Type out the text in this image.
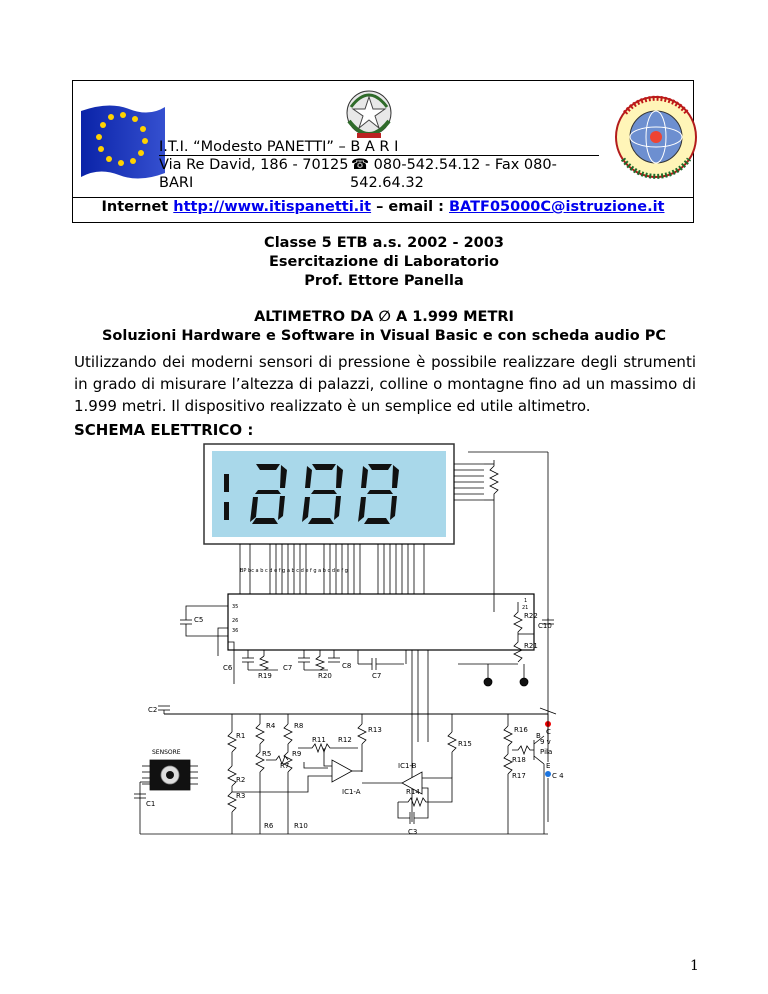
I.T.I. “Modesto PANETTI” – B A R I
Via Re David, 186 - 70125
BARI
☎ 080-542.54.12 - Fax 080-
542.64.32
Internet http://www.itispanetti.it – email : BATF05000C@istruzione.it
Classe 5 ETB a.s. 2002 - 2003
Esercitazione di Laboratorio
Prof. Ettore Panella
ALTIMETRO DA ∅ A 1.999 METRI
Soluzioni Hardware e Software in Visual Basic e con scheda audio PC
Utilizzando dei moderni sensori di pressione è possibile realizzare degli strumenti in grado di misurare l’altezza di palazzi, colline o montagne fino ad un massimo di 1.999 metri. Il dispositivo realizzato è un semplice ed utile altimetro.
SCHEMA ELETTRICO :
BP bc a b c d e f g a b c d e f g a b c d e f g
35
26
36
1
21
C5
C6
R19
C7
R20
C8
C7
R22
R21
C10
C2
9 v
Pila
R1
R4	R8	R13
R15
R16
R5	R9
R11 R12
R7	IC1-B
R2
IC1-A
R18
R17
B C
E
C 4
R3	R14
C3
C1
R6	R10
SENSORE
1
